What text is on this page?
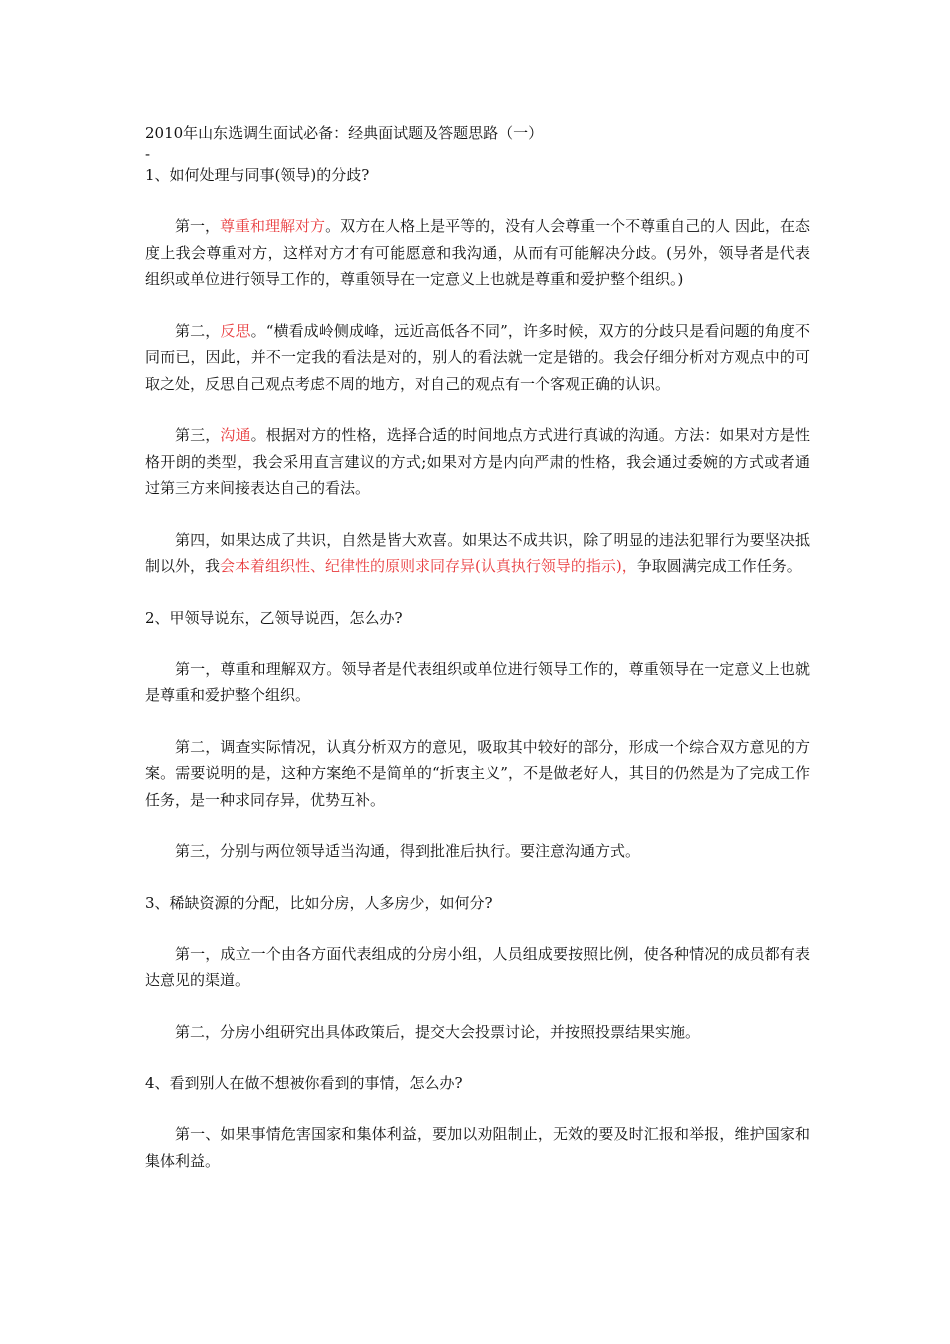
2010年山东选调生面试必备：经典面试题及答题思路（一）

-

1、如何处理与同事(领导)的分歧?

第一，尊重和理解对方。双方在人格上是平等的，没有人会尊重一个不尊重自己的人 因此，在态度上我会尊重对方，这样对方才有可能愿意和我沟通，从而有可能解决分歧。(另外，领导者是代表组织或单位进行领导工作的，尊重领导在一定意义上也就是尊重和爱护整个组织。)

第二，反思。“横看成岭侧成峰，远近高低各不同”，许多时候，双方的分歧只是看问题的角度不同而已，因此，并不一定我的看法是对的，别人的看法就一定是错的。我会仔细分析对方观点中的可取之处，反思自己观点考虑不周的地方，对自己的观点有一个客观正确的认识。

第三，沟通。根据对方的性格，选择合适的时间地点方式进行真诚的沟通。方法：如果对方是性格开朗的类型，我会采用直言建议的方式;如果对方是内向严肃的性格，我会通过委婉的方式或者通过第三方来间接表达自己的看法。

第四，如果达成了共识，自然是皆大欢喜。如果达不成共识，除了明显的违法犯罪行为要坚决抵制以外，我会本着组织性、纪律性的原则求同存异(认真执行领导的指示)，争取圆满完成工作任务。

2、甲领导说东，乙领导说西，怎么办?

第一，尊重和理解双方。领导者是代表组织或单位进行领导工作的，尊重领导在一定意义上也就是尊重和爱护整个组织。

第二，调查实际情况，认真分析双方的意见，吸取其中较好的部分，形成一个综合双方意见的方案。需要说明的是，这种方案绝不是简单的“折衷主义”，不是做老好人，其目的仍然是为了完成工作任务，是一种求同存异，优势互补。

第三，分别与两位领导适当沟通，得到批准后执行。要注意沟通方式。

3、稀缺资源的分配，比如分房，人多房少，如何分?

第一，成立一个由各方面代表组成的分房小组，人员组成要按照比例，使各种情况的成员都有表达意见的渠道。

第二，分房小组研究出具体政策后，提交大会投票讨论，并按照投票结果实施。

4、看到别人在做不想被你看到的事情，怎么办?

第一、如果事情危害国家和集体利益，要加以劝阻制止，无效的要及时汇报和举报，维护国家和集体利益。
